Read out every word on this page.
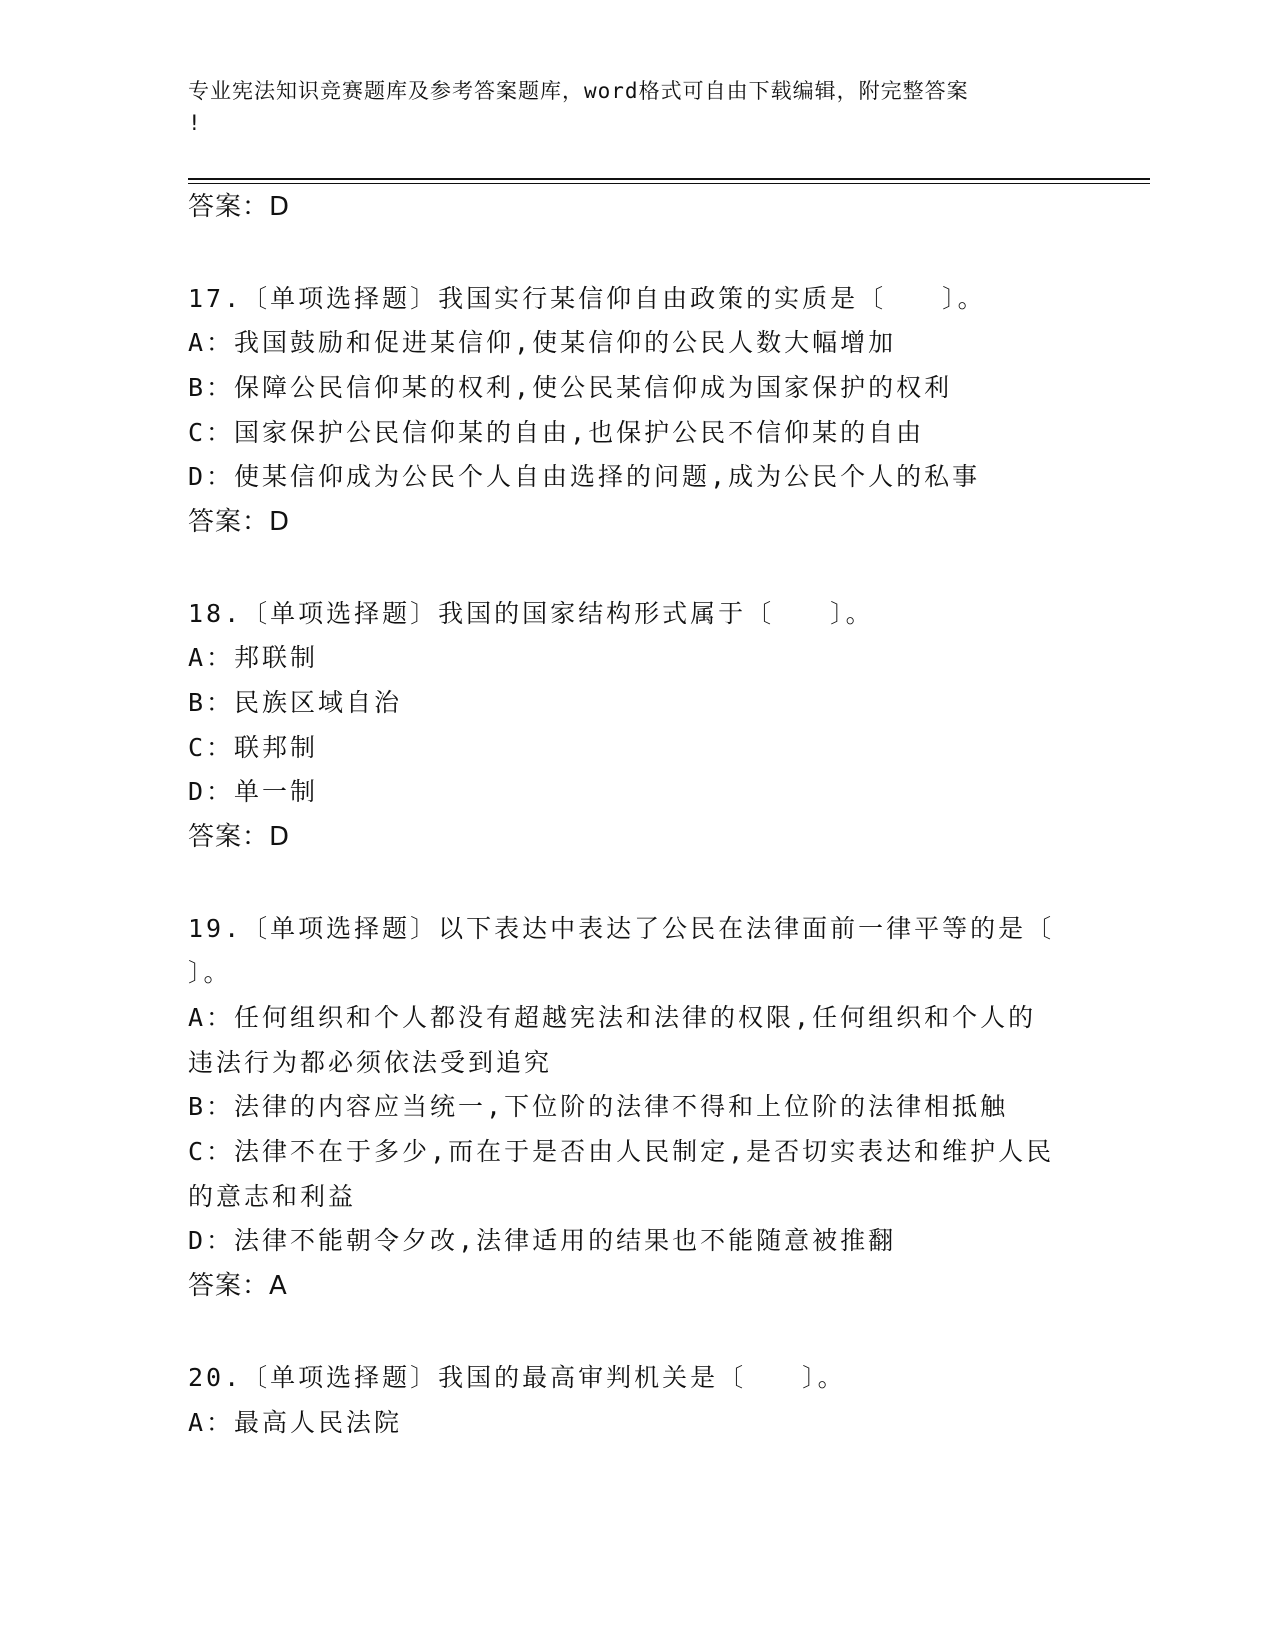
专业宪法知识竞赛题库及参考答案题库，word格式可自由下载编辑，附完整答案
!
答案：D
17.〔单项选择题〕我国实行某信仰自由政策的实质是〔　　〕。
A：我国鼓励和促进某信仰,使某信仰的公民人数大幅增加
B：保障公民信仰某的权利,使公民某信仰成为国家保护的权利
C：国家保护公民信仰某的自由,也保护公民不信仰某的自由
D：使某信仰成为公民个人自由选择的问题,成为公民个人的私事
答案：D
18.〔单项选择题〕我国的国家结构形式属于〔　　〕。
A：邦联制
B：民族区域自治
C：联邦制
D：单一制
答案：D
19.〔单项选择题〕以下表达中表达了公民在法律面前一律平等的是〔
〕。
A：任何组织和个人都没有超越宪法和法律的权限,任何组织和个人的
违法行为都必须依法受到追究
B：法律的内容应当统一,下位阶的法律不得和上位阶的法律相抵触
C：法律不在于多少,而在于是否由人民制定,是否切实表达和维护人民
的意志和利益
D：法律不能朝令夕改,法律适用的结果也不能随意被推翻
答案：A
20.〔单项选择题〕我国的最高审判机关是〔　　〕。
A：最高人民法院
